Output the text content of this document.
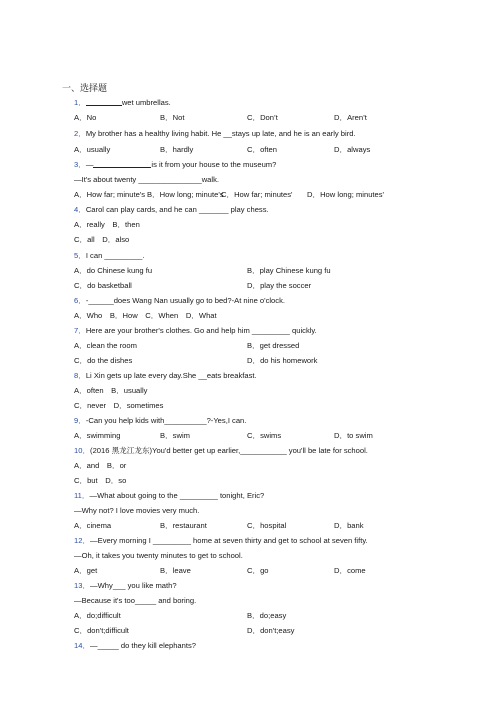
一、选择题
1．	wet umbrellas.
A．No	B．Not	C．Don’t	D．Aren’t
2．My brother has a healthy living habit. He __stays up late, and he is an early bird.
A．usually	B．hardly	C．often	D．always
3．—	is it from your house to the museum?
—It's about twenty _______________walk.
A．How far; minute's B．How long; minute's
C．How far; minutes' D．How long; minutes'
4．Carol can play cards, and he can _______ play chess.
A．really　B．then
C．all　D．also
5．I can _________.
A．do Chinese kung fu	B．play Chinese kung fu
C．do basketball	D．play the soccer
6．-______does Wang Nan usually go to bed?-At nine o'clock.
A．Who　B．How　C．When　D．What
7．Here are your brother's clothes. Go and help him _________ quickly.
A．clean the room	B．get dressed
C．do the dishes	D．do his homework
8．Li Xin gets up late every day.She __eats breakfast.
A．often　B．usually
C．never　D．sometimes
9．-Can you help kids with__________?-Yes,I can.
A．swimming	B．swim	C．swims	D．to swim
10．(2016 黑龙江龙东)You'd better get up earlier,___________ you'll be late for school.
A．and　B．or
C．but　D．so
11．—What about going to the _________ tonight, Eric?
—Why not? I love movies very much.
A．cinema	B．restaurant	C．hospital	D．bank
12．—Every morning I _________ home at seven thirty and get to school at seven fifty.
—Oh, it takes you twenty minutes to get to school.
A．get	B．leave	C．go	D．come
13．—Why___ you like math?
—Because it's too_____ and boring.
A．do;difficult	B．do;easy
C．don't;difficult	D．don't;easy
14．—_____ do they kill elephants?
